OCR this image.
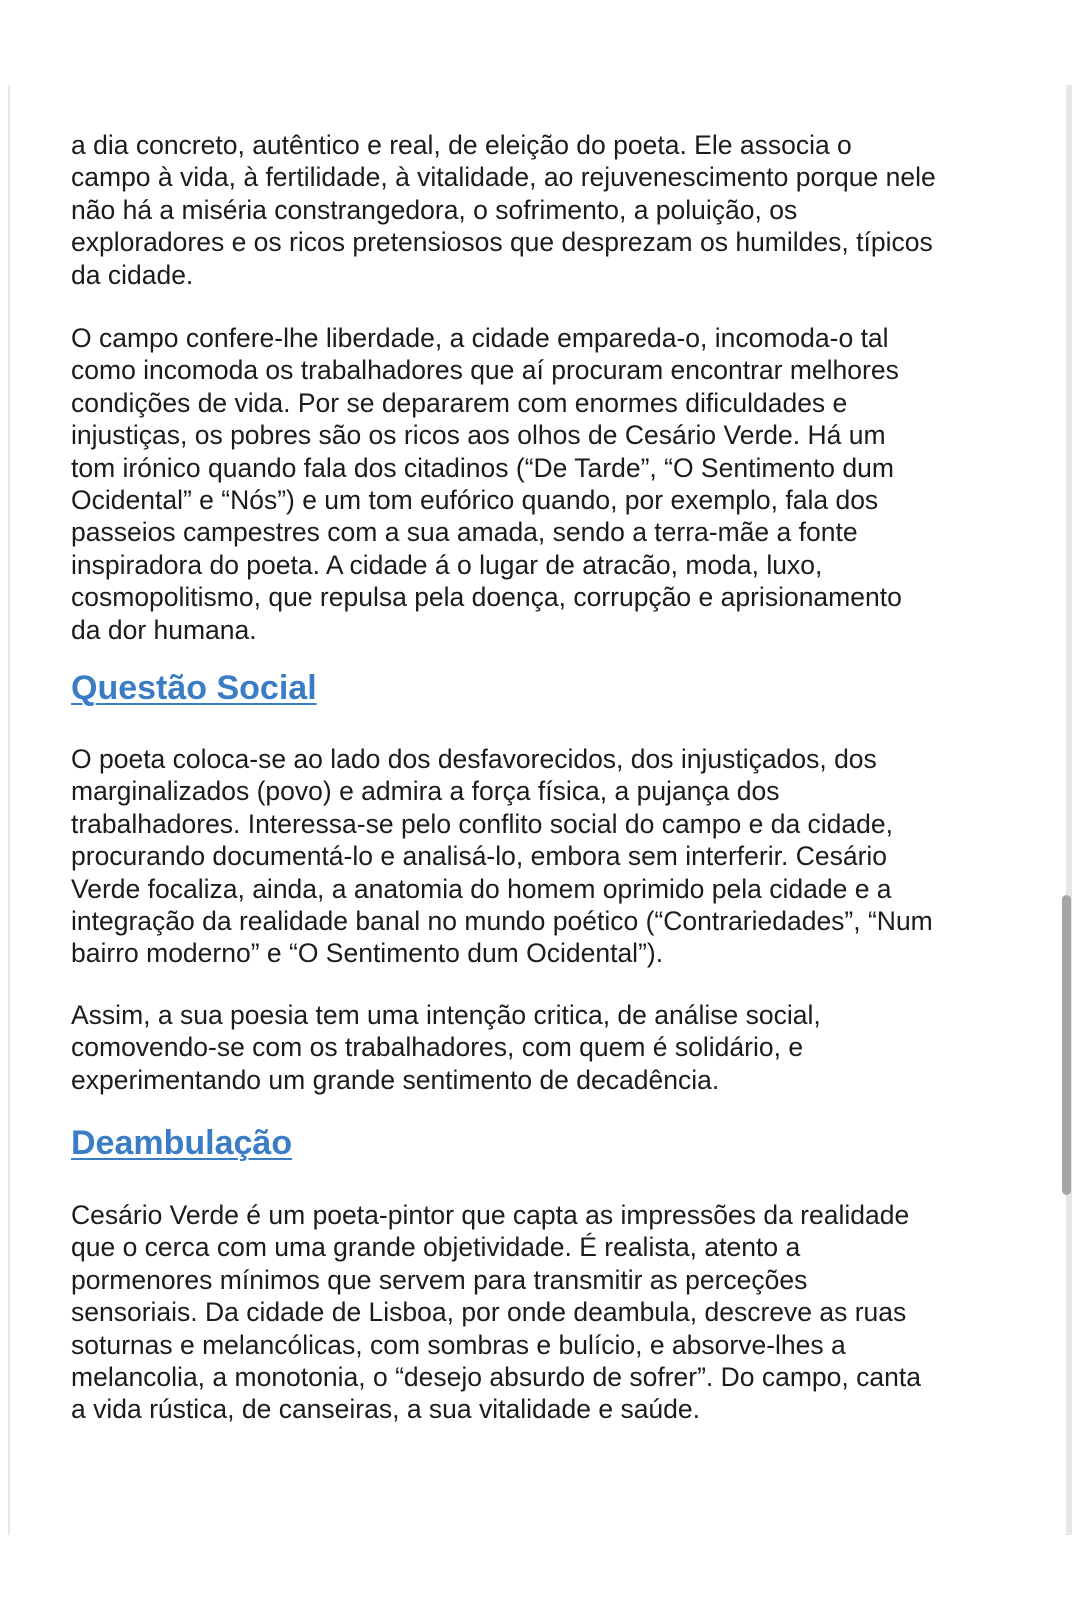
a dia concreto, autêntico e real, de eleição do poeta. Ele associa o
campo à vida, à fertilidade, à vitalidade, ao rejuvenescimento porque nele
não há a miséria constrangedora, o sofrimento, a poluição, os
exploradores e os ricos pretensiosos que desprezam os humildes, típicos
da cidade.
O campo confere-lhe liberdade, a cidade empareda-o, incomoda-o tal
como incomoda os trabalhadores que aí procuram encontrar melhores
condições de vida. Por se depararem com enormes dificuldades e
injustiças, os pobres são os ricos aos olhos de Cesário Verde. Há um
tom irónico quando fala dos citadinos (“De Tarde”, “O Sentimento dum
Ocidental” e “Nós”) e um tom eufórico quando, por exemplo, fala dos
passeios campestres com a sua amada, sendo a terra-mãe a fonte
inspiradora do poeta. A cidade á o lugar de atracão, moda, luxo,
cosmopolitismo, que repulsa pela doença, corrupção e aprisionamento
da dor humana.
Questão Social
O poeta coloca-se ao lado dos desfavorecidos, dos injustiçados, dos
marginalizados (povo) e admira a força física, a pujança dos
trabalhadores. Interessa-se pelo conflito social do campo e da cidade,
procurando documentá-lo e analisá-lo, embora sem interferir. Cesário
Verde focaliza, ainda, a anatomia do homem oprimido pela cidade e a
integração da realidade banal no mundo poético (“Contrariedades”, “Num
bairro moderno” e “O Sentimento dum Ocidental”).
Assim, a sua poesia tem uma intenção critica, de análise social,
comovendo-se com os trabalhadores, com quem é solidário, e
experimentando um grande sentimento de decadência.
Deambulação
Cesário Verde é um poeta-pintor que capta as impressões da realidade
que o cerca com uma grande objetividade. É realista, atento a
pormenores mínimos que servem para transmitir as perceções
sensoriais. Da cidade de Lisboa, por onde deambula, descreve as ruas
soturnas e melancólicas, com sombras e bulício, e absorve-lhes a
melancolia, a monotonia, o “desejo absurdo de sofrer”. Do campo, canta
a vida rústica, de canseiras, a sua vitalidade e saúde.
